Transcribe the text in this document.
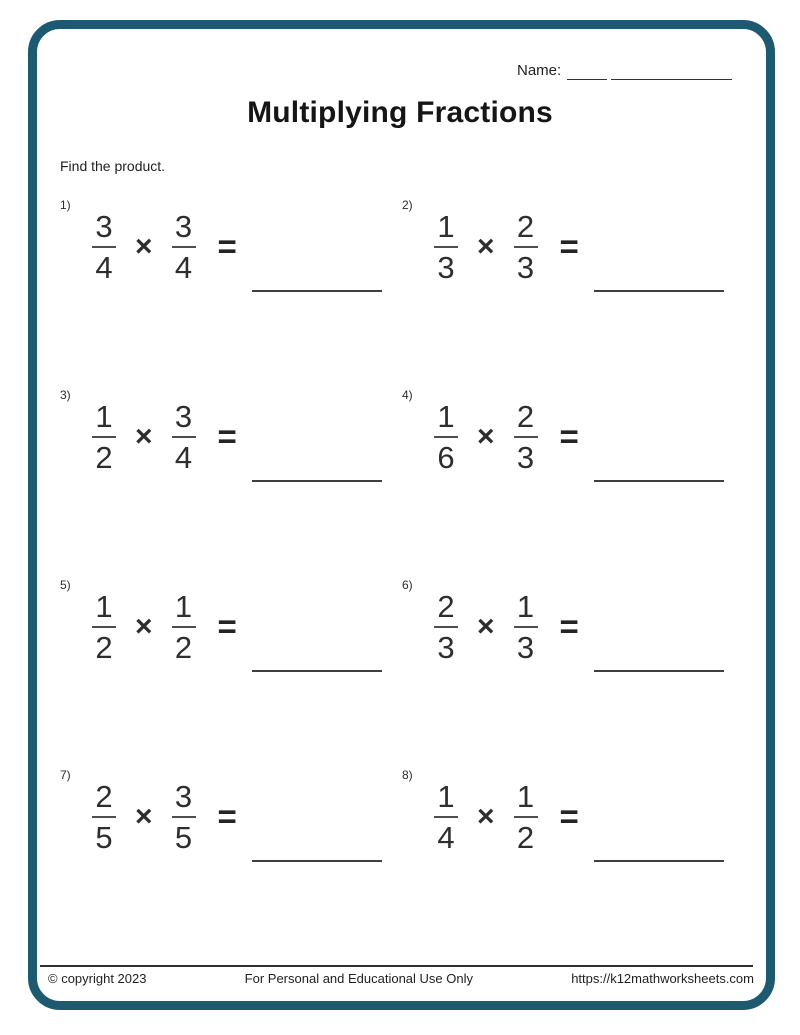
Name:
Multiplying Fractions
Find the product.
1)
$\frac{3}{4} \times \frac{3}{4}$ =
2)
$\frac{1}{3} \times \frac{2}{3}$ =
3)
$\frac{1}{2} \times \frac{3}{4}$ =
4)
$\frac{1}{6} \times \frac{2}{3}$ =
5)
$\frac{1}{2} \times \frac{1}{2}$ =
6)
$\frac{2}{3} \times \frac{1}{3}$ =
7)
$\frac{2}{5} \times \frac{3}{5}$ =
8)
$\frac{1}{4} \times \frac{1}{2}$ =
© copyright 2023	For Personal and Educational Use Only	https://k12mathworksheets.com
